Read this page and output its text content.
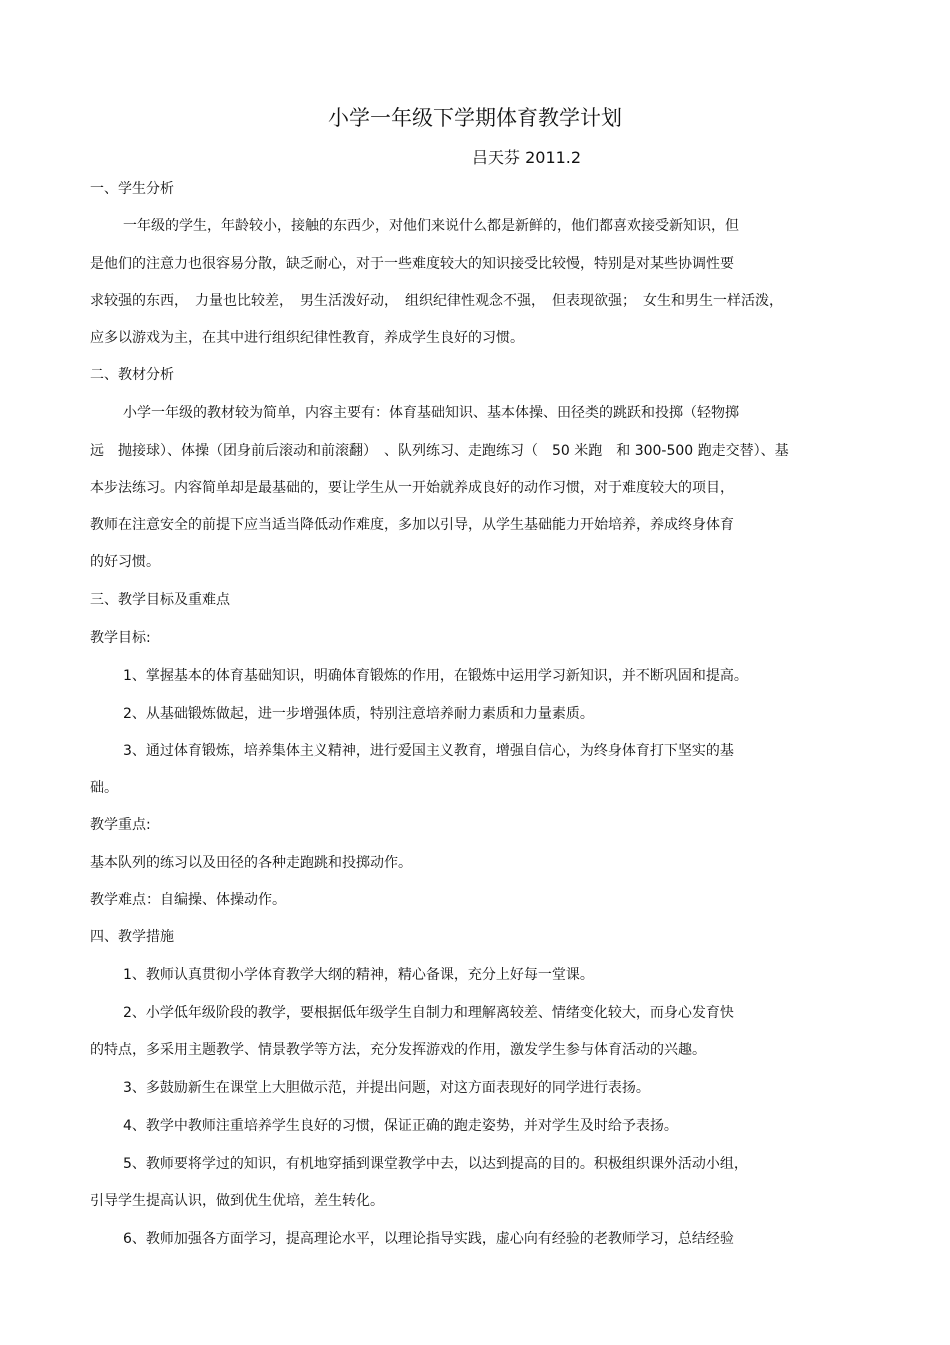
小学一年级下学期体育教学计划
吕天芬 2011.2
一、学生分析
一年级的学生，年龄较小，接触的东西少，对他们来说什么都是新鲜的，他们都喜欢接受新知识，但
是他们的注意力也很容易分散，缺乏耐心，对于一些难度较大的知识接受比较慢，特别是对某些协调性要
求较强的东西，　力量也比较差，　男生活泼好动，　组织纪律性观念不强，　但表现欲强；　女生和男生一样活泼，
应多以游戏为主，在其中进行组织纪律性教育，养成学生良好的习惯。
二、教材分析
小学一年级的教材较为简单，内容主要有：体育基础知识、基本体操、田径类的跳跃和投掷（轻物掷
远　抛接球）、体操（团身前后滚动和前滚翻）　、队列练习、走跑练习（　50 米跑　和 300-500 跑走交替）、基
本步法练习。内容简单却是最基础的，要让学生从一开始就养成良好的动作习惯，对于难度较大的项目，
教师在注意安全的前提下应当适当降低动作难度，多加以引导，从学生基础能力开始培养，养成终身体育
的好习惯。
三、教学目标及重难点
教学目标:
1、掌握基本的体育基础知识，明确体育锻炼的作用，在锻炼中运用学习新知识，并不断巩固和提高。
2、从基础锻炼做起，进一步增强体质，特别注意培养耐力素质和力量素质。
3、通过体育锻炼，培养集体主义精神，进行爱国主义教育，增强自信心，为终身体育打下坚实的基
础。
教学重点:
基本队列的练习以及田径的各种走跑跳和投掷动作。
教学难点：自编操、体操动作。
四、教学措施
1、教师认真贯彻小学体育教学大纲的精神，精心备课，充分上好每一堂课。
2、小学低年级阶段的教学，要根据低年级学生自制力和理解离较差、情绪变化较大，而身心发育快
的特点，多采用主题教学、情景教学等方法，充分发挥游戏的作用，激发学生参与体育活动的兴趣。
3、多鼓励新生在课堂上大胆做示范，并提出问题，对这方面表现好的同学进行表扬。
4、教学中教师注重培养学生良好的习惯，保证正确的跑走姿势，并对学生及时给予表扬。
5、教师要将学过的知识，有机地穿插到课堂教学中去，以达到提高的目的。积极组织课外活动小组，
引导学生提高认识，做到优生优培，差生转化。
6、教师加强各方面学习，提高理论水平，以理论指导实践，虚心向有经验的老教师学习，总结经验
